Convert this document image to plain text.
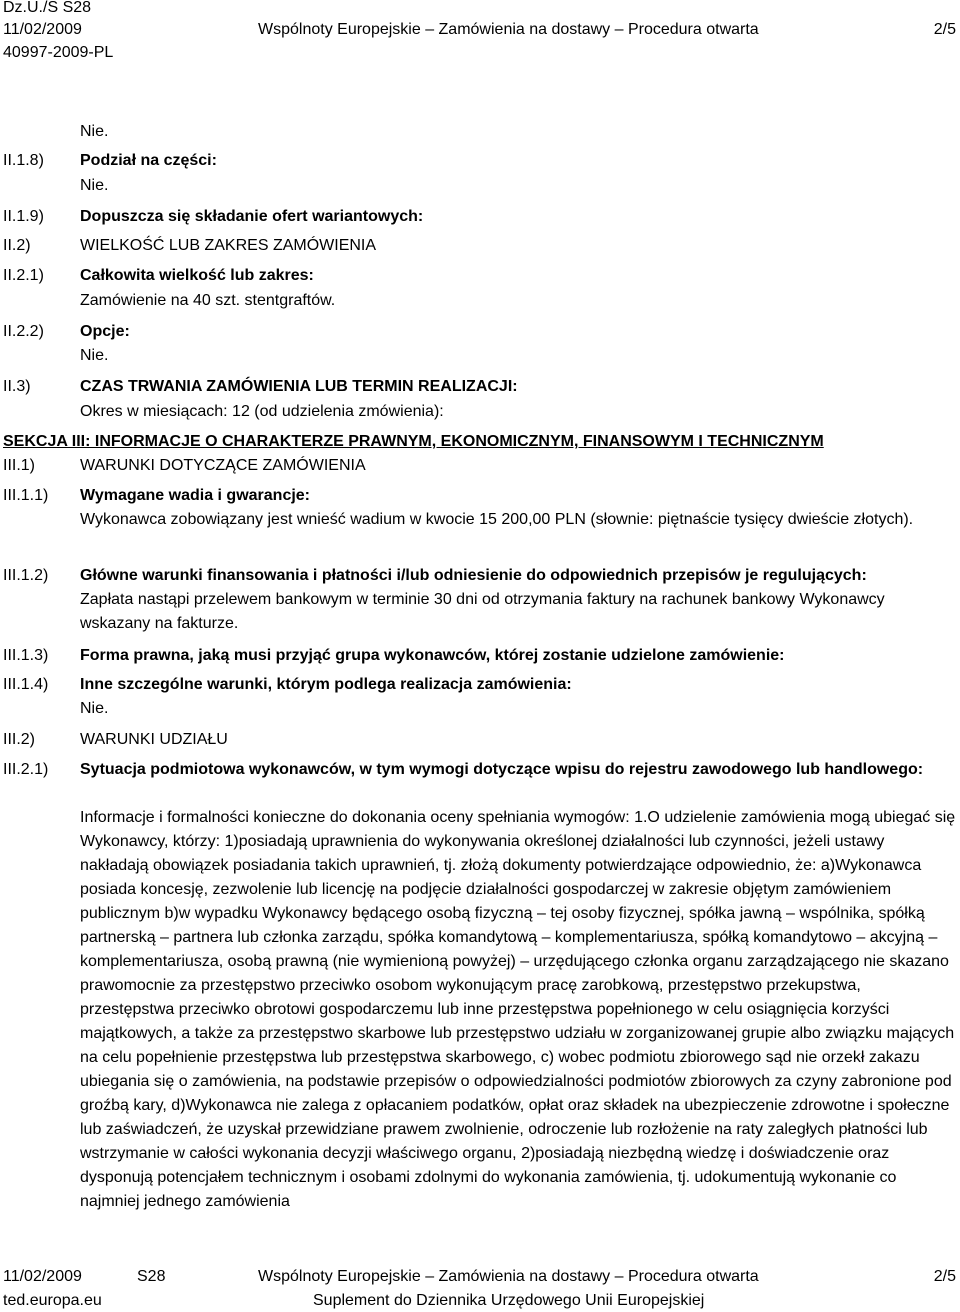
Dz.U./S S28
11/02/2009
40997-2009-PL
Wspólnoty Europejskie – Zamówienia na dostawy – Procedura otwarta	2/5
Nie.
II.1.8) Podział na części:
Nie.
II.1.9) Dopuszcza się składanie ofert wariantowych:
II.2)	WIELKOŚĆ LUB ZAKRES ZAMÓWIENIA
II.2.1) Całkowita wielkość lub zakres:
Zamówienie na 40 szt. stentgraftów.
II.2.2) Opcje:
Nie.
II.3)	CZAS TRWANIA ZAMÓWIENIA LUB TERMIN REALIZACJI:
Okres w miesiącach: 12 (od udzielenia zmówienia):
SEKCJA III: INFORMACJE O CHARAKTERZE PRAWNYM, EKONOMICZNYM, FINANSOWYM I TECHNICZNYM
III.1)	WARUNKI DOTYCZĄCE ZAMÓWIENIA
III.1.1) Wymagane wadia i gwarancje:
Wykonawca zobowiązany jest wnieść wadium w kwocie 15 200,00 PLN (słownie: piętnaście tysięcy dwieście złotych).
III.1.2) Główne warunki finansowania i płatności i/lub odniesienie do odpowiednich przepisów je regulujących:
Zapłata nastąpi przelewem bankowym w terminie 30 dni od otrzymania faktury na rachunek bankowy Wykonawcy wskazany na fakturze.
III.1.3) Forma prawna, jaką musi przyjąć grupa wykonawców, której zostanie udzielone zamówienie:
III.1.4) Inne szczególne warunki, którym podlega realizacja zamówienia:
Nie.
III.2)	WARUNKI UDZIAŁU
III.2.1) Sytuacja podmiotowa wykonawców, w tym wymogi dotyczące wpisu do rejestru zawodowego lub handlowego:
Informacje i formalności konieczne do dokonania oceny spełniania wymogów: 1.O udzielenie zamówienia mogą ubiegać się Wykonawcy, którzy: 1)posiadają uprawnienia do wykonywania określonej działalności lub czynności, jeżeli ustawy nakładają obowiązek posiadania takich uprawnień, tj. złożą dokumenty potwierdzające odpowiednio, że: a)Wykonawca posiada koncesję, zezwolenie lub licencję na podjęcie działalności gospodarczej w zakresie objętym zamówieniem publicznym b)w wypadku Wykonawcy będącego osobą fizyczną – tej osoby fizycznej, spółka jawną – wspólnika, spółką partnerską – partnera lub członka zarządu, spółka komandytową – komplementariusza, spółką komandytowo – akcyjną – komplementariusza, osobą prawną (nie wymienioną powyżej) – urzędującego członka organu zarządzającego nie skazano prawomocnie za przestępstwo przeciwko osobom wykonującym pracę zarobkową, przestępstwo przekupstwa, przestępstwa przeciwko obrotowi gospodarczemu lub inne przestępstwa popełnionego w celu osiągnięcia korzyści majątkowych, a także za przestępstwo skarbowe lub przestępstwo udziału w zorganizowanej grupie albo związku mających na celu popełnienie przestępstwa lub przestępstwa skarbowego, c) wobec podmiotu zbiorowego sąd nie orzekł zakazu ubiegania się o zamówienia, na podstawie przepisów o odpowiedzialności podmiotów zbiorowych za czyny zabronione pod groźbą kary, d)Wykonawca nie zalega z opłacaniem podatków, opłat oraz składek na ubezpieczenie zdrowotne i społeczne lub zaświadczeń, że uzyskał przewidziane prawem zwolnienie, odroczenie lub rozłożenie na raty zaległych płatności lub wstrzymanie w całości wykonania decyzji właściwego organu, 2)posiadają niezbędną wiedzę i doświadczenie oraz dysponują potencjałem technicznym i osobami zdolnymi do wykonania zamówienia, tj. udokumentują wykonanie co najmniej jednego zamówienia
11/02/2009	S28	Wspólnoty Europejskie – Zamówienia na dostawy – Procedura otwarta	2/5
ted.europa.eu	Suplement do Dziennika Urzędowego Unii Europejskiej
